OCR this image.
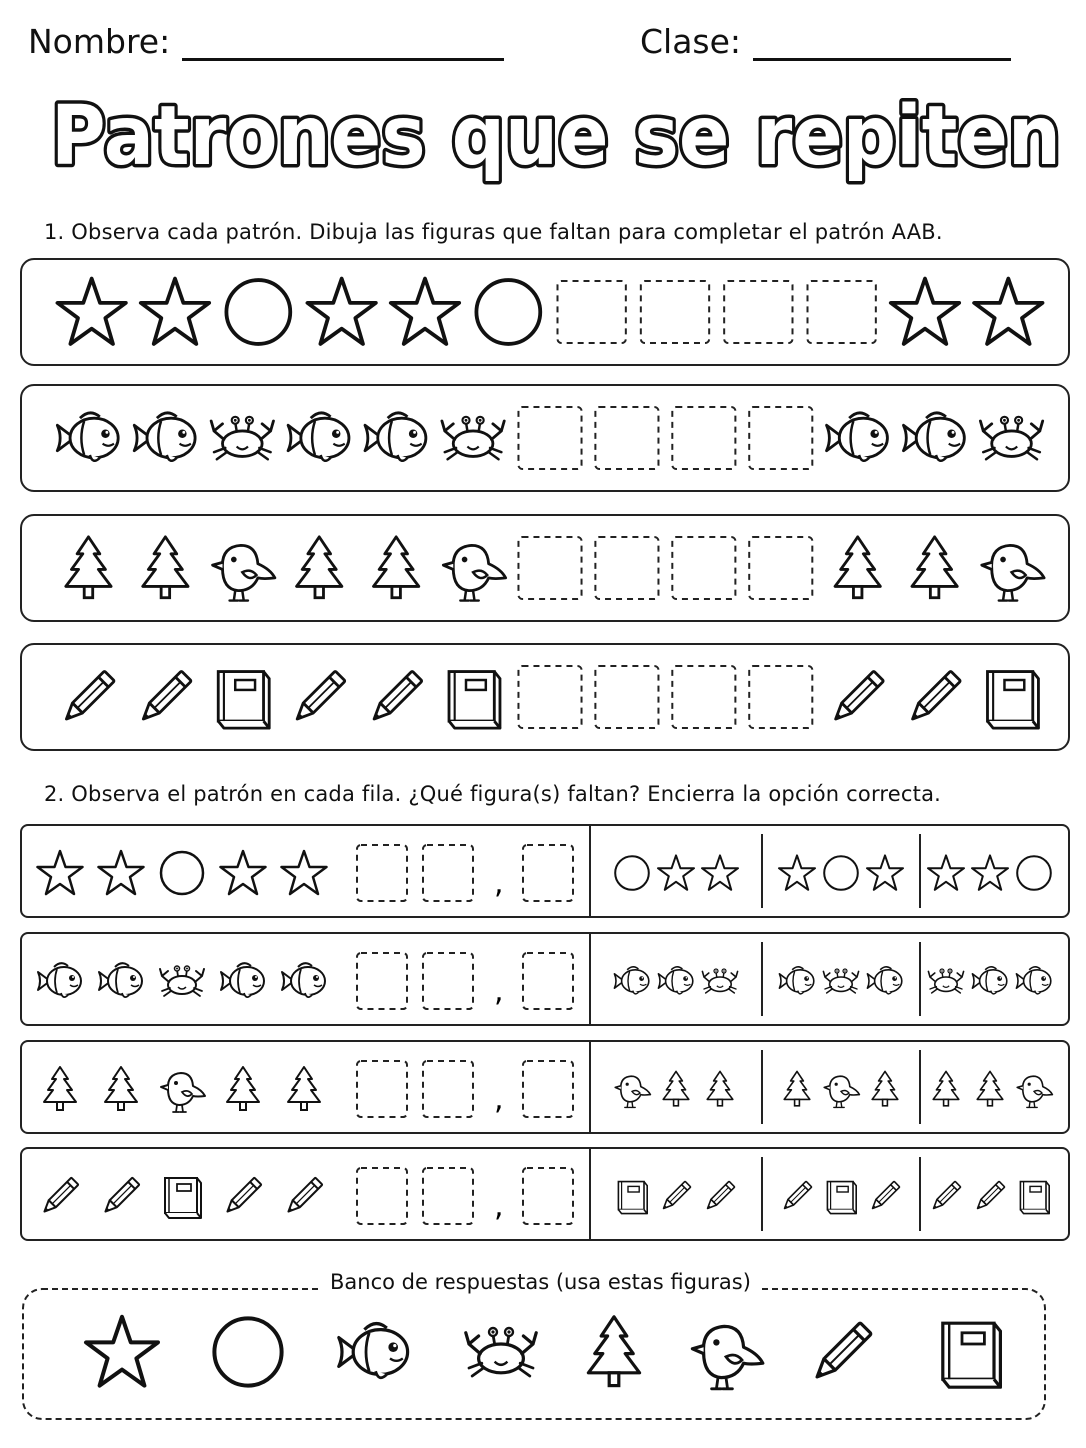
Nombre:	Clase:
Patrones que se repiten
1. Observa cada patrón. Dibuja las figuras que faltan para completar el patrón AAB.
2. Observa el patrón en cada fila. ¿Qué figura(s) faltan? Encierra la opción correcta.
,
,
,
,
Banco de respuestas (usa estas figuras)
